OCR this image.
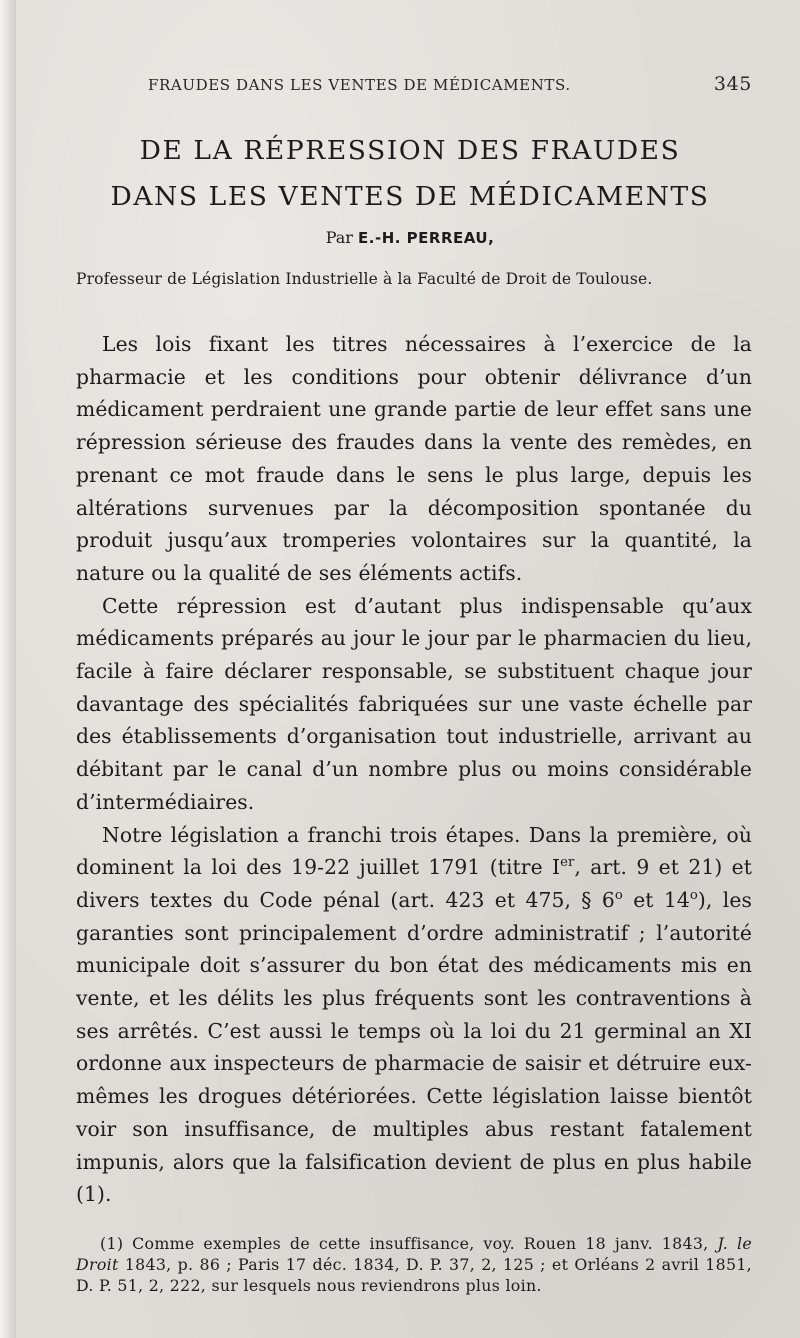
FRAUDES DANS LES VENTES DE MÉDICAMENTS.	345
DE LA RÉPRESSION DES FRAUDES
DANS LES VENTES DE MÉDICAMENTS
Par E.-H. PERREAU,
Professeur de Législation Industrielle à la Faculté de Droit de Toulouse.

Les lois fixant les titres nécessaires à l’exercice de la pharmacie et les conditions pour obtenir délivrance d’un médicament perdraient une grande partie de leur effet sans une répression sérieuse des fraudes dans la vente des remèdes, en prenant ce mot fraude dans le sens le plus large, depuis les altérations survenues par la décomposition spontanée du produit jusqu’aux tromperies volontaires sur la quantité, la nature ou la qualité de ses éléments actifs.

Cette répression est d’autant plus indispensable qu’aux médicaments préparés au jour le jour par le pharmacien du lieu, facile à faire déclarer responsable, se substituent chaque jour davantage des spécialités fabriquées sur une vaste échelle par des établissements d’organisation tout industrielle, arrivant au débitant par le canal d’un nombre plus ou moins considérable d’intermédiaires.

Notre législation a franchi trois étapes. Dans la première, où dominent la loi des 19-22 juillet 1791 (titre Ier, art. 9 et 21) et divers textes du Code pénal (art. 423 et 475, § 6$^o$ et 14$^o$), les garanties sont principalement d’ordre administratif ; l’autorité municipale doit s’assurer du bon état des médicaments mis en vente, et les délits les plus fréquents sont les contraventions à ses arrêtés. C’est aussi le temps où la loi du 21 germinal an XI ordonne aux inspecteurs de pharmacie de saisir et détruire eux-mêmes les drogues détériorées. Cette législation laisse bientôt voir son insuffisance, de multiples abus restant fatalement impunis, alors que la falsification devient de plus en plus habile (1).

(1) Comme exemples de cette insuffisance, voy. Rouen 18 janv. 1843, J. le Droit 1843, p. 86 ; Paris 17 déc. 1834, D. P. 37, 2, 125 ; et Orléans 2 avril 1851, D. P. 51, 2, 222, sur lesquels nous reviendrons plus loin.
